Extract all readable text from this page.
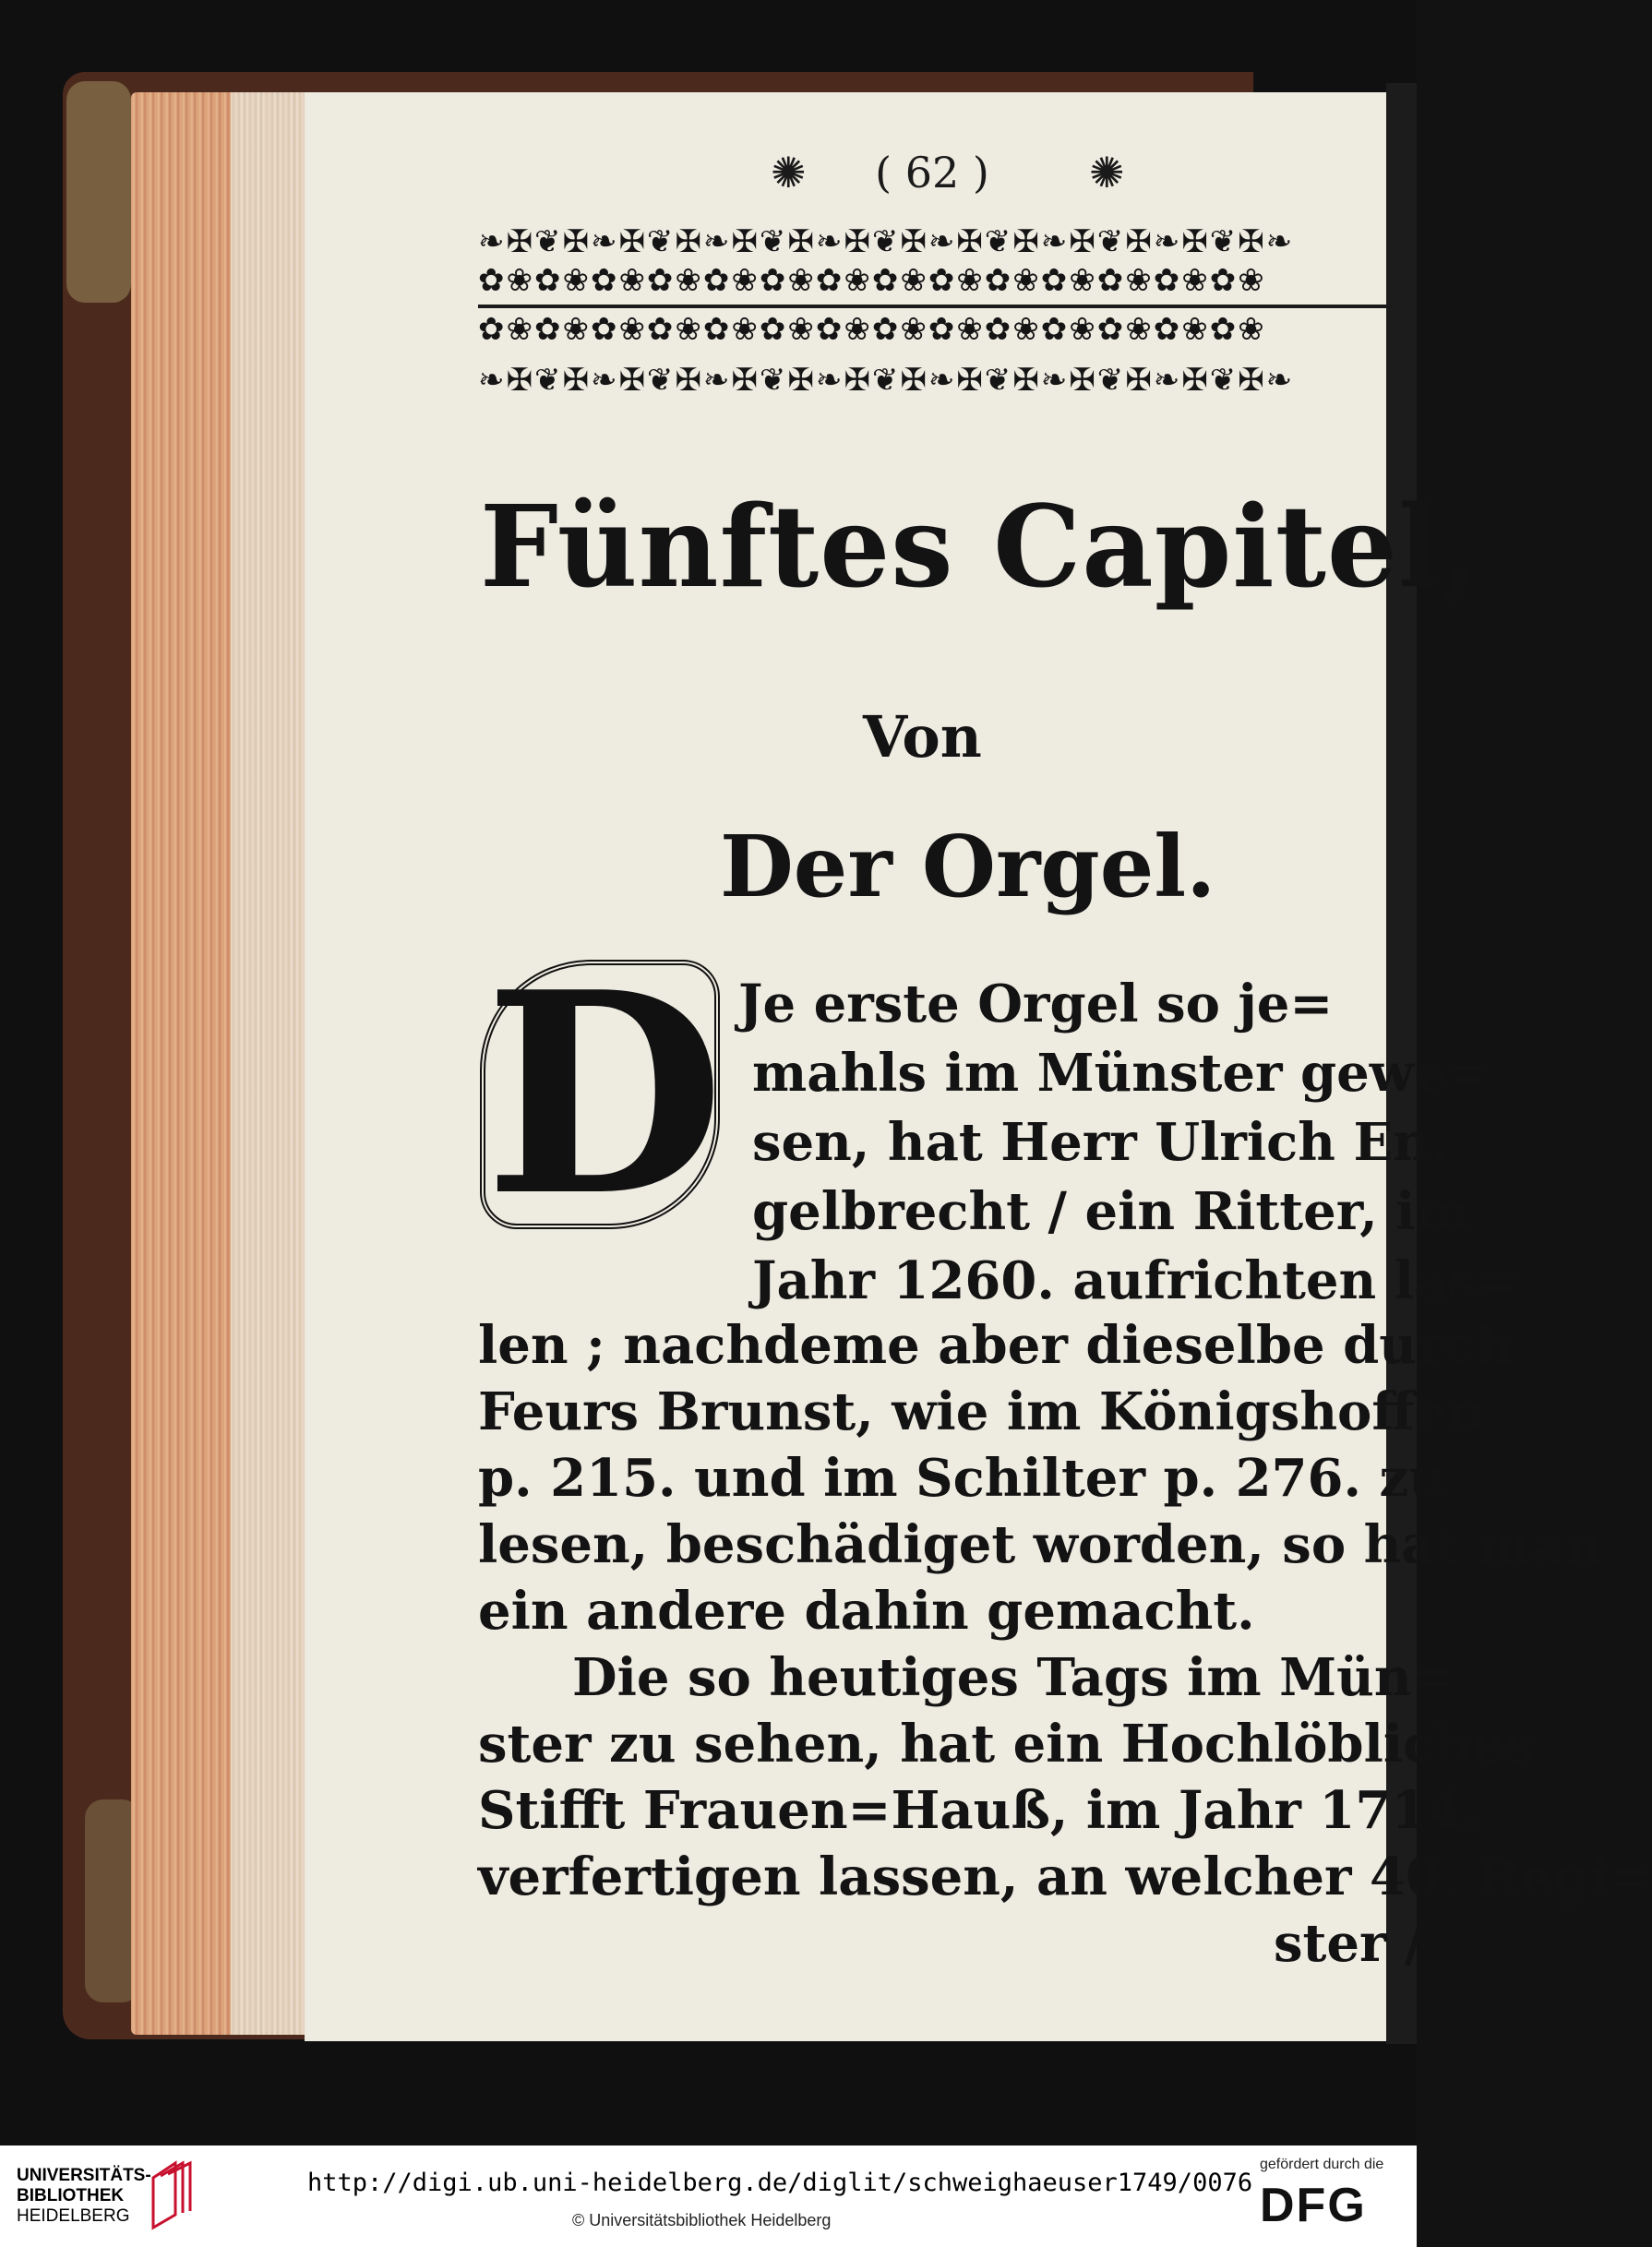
✺	( 62 )	✺
❧✠❦✠❧✠❦✠❧✠❦✠❧✠❦✠❧✠❦✠❧✠❦✠❧✠❦✠❧
✿❀✿❀✿❀✿❀✿❀✿❀✿❀✿❀✿❀✿❀✿❀✿❀✿❀✿❀
✿❀✿❀✿❀✿❀✿❀✿❀✿❀✿❀✿❀✿❀✿❀✿❀✿❀✿❀
❧✠❦✠❧✠❦✠❧✠❦✠❧✠❦✠❧✠❦✠❧✠❦✠❧✠❦✠❧
Fünftes Capitel,
Von
Der Orgel.
D Je erste Orgel so je=
mahls im Münster gewe=
sen, hat Herr Ulrich En.
gelbrecht / ein Ritter, im
Jahr 1260. aufrichten las=
len ; nachdeme aber dieselbe durch
Feurs Brunst, wie im Königshoffen
p. 215. und im Schilter p. 276. zu
lesen, beschädiget worden, so hat man
ein andere dahin gemacht.
Die so heutiges Tags im Mün=
ster zu sehen, hat ein Hochlöbliches
Stifft Frauen=Hauß, im Jahr 1714.
verfertigen lassen, an welcher 40. Regi=
ster /
UNIVERSITÄTS-
BIBLIOTHEK
HEIDELBERG
http://digi.ub.uni-heidelberg.de/diglit/schweighaeuser1749/0076
© Universitätsbibliothek Heidelberg
gefördert durch die
DFG
